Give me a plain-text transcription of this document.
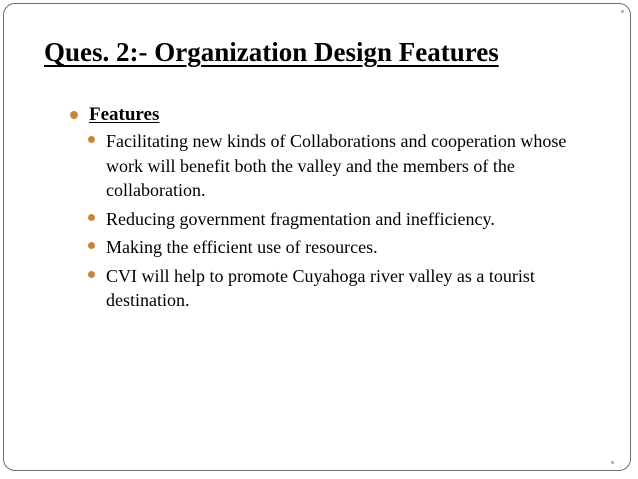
Ques. 2:- Organization Design Features
Features
Facilitating new kinds of Collaborations and cooperation whose work will benefit both the valley and the members of the collaboration.
Reducing government fragmentation and inefficiency.
Making the efficient use of resources.
CVI will help to promote Cuyahoga river valley as a tourist destination.
